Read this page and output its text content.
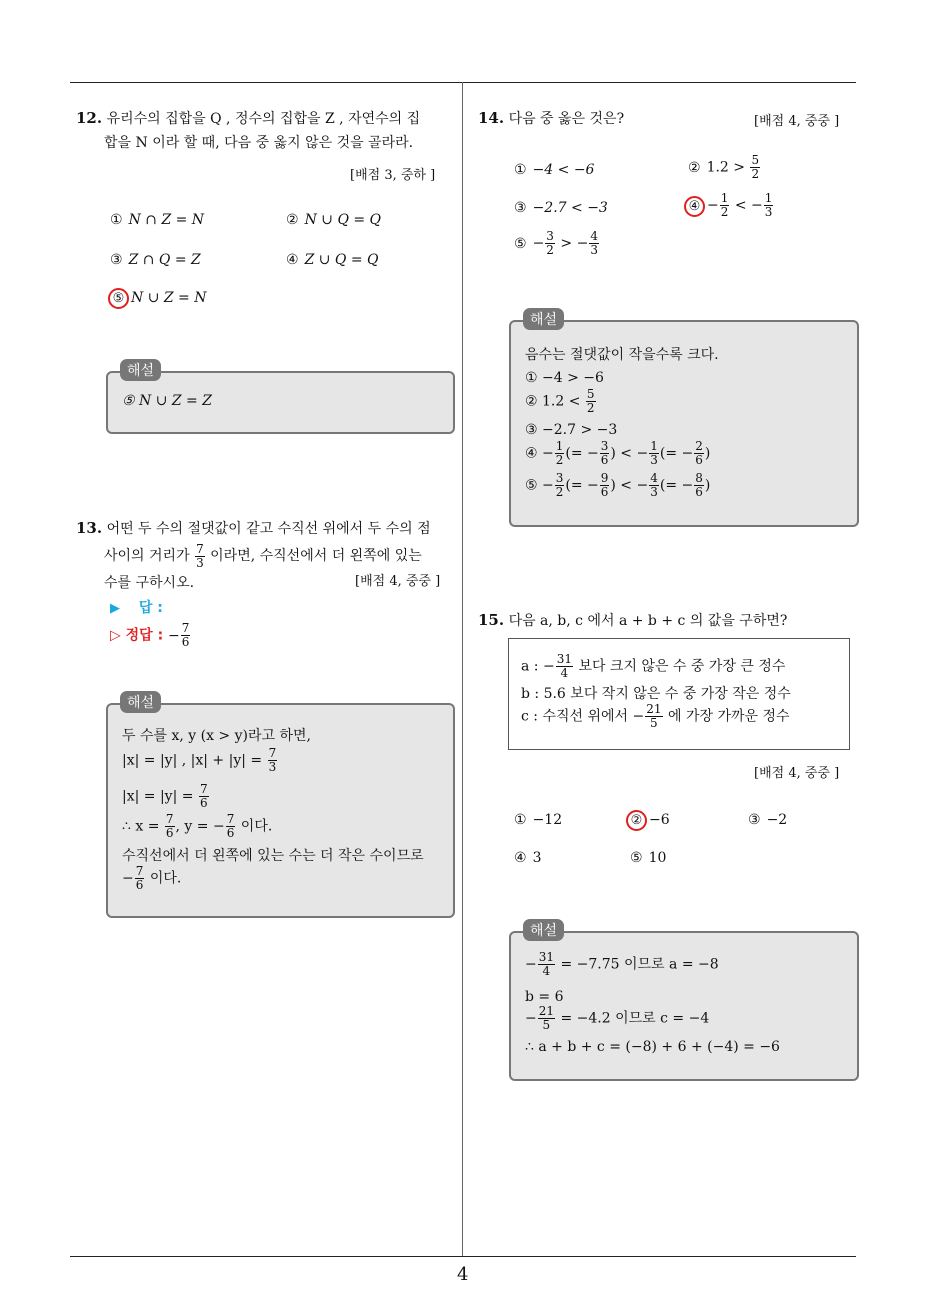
4
12. 유리수의 집합을 Q , 정수의 집합을 Z , 자연수의 집
합을 N 이라 할 때, 다음 중 옳지 않은 것을 골라라.
[배점 3, 중하 ]
① N ∩ Z = N	② N ∪ Q = Q
③ Z ∩ Q = Z	④ Z ∪ Q = Q
⑤ N ∪ Z = N
해설
⑤ N ∪ Z = Z
13. 어떤 두 수의 절댓값이 같고 수직선 위에서 두 수의 점
사이의 거리가 $\frac{7}{3}$ 이라면, 수직선에서 더 왼쪽에 있는
수를 구하시오.	[배점 4, 중중 ]
▶ 답 :
▷ 정답 : − $\frac{7}{6}$
해설
두 수를 x, y (x > y)라고 하면,
|x| = |y| , $|x| + |y| = \frac{7}{3}$
$|x| = |y| = \frac{7}{6}$
∴ $x = \frac{7}{6}$ , y = − $\frac{7}{6}$ 이다.
수직선에서 더 왼쪽에 있는 수는 더 작은 수이므로
− $\frac{7}{6}$ 이다.
14. 다음 중 옳은 것은?	[배점 4, 중중 ]
① −4 < −6	② $1.2 > \frac{5}{2}$
③ −2.7 < −3	④ − $\frac{1}{2}$ < − $\frac{1}{3}$
⑤ − $\frac{3}{2}$ > − $\frac{4}{3}$
해설
음수는 절댓값이 작을수록 크다.
① −4 > −6
② $1.2 < \frac{5}{2}$
③ −2.7 > −3
④ − $\frac{1}{2}$ (= − $\frac{3}{6}$ ) < − $\frac{1}{3}$ (= − $\frac{2}{6}$ )
⑤ − $\frac{3}{2}$ (= − $\frac{9}{6}$ ) < − $\frac{4}{3}$ (= − $\frac{8}{6}$ )
15. 다음 a, b, c 에서 a + b + c 의 값을 구하면?
a : − $\frac{31}{4}$ 보다 크지 않은 수 중 가장 큰 정수
b : 5.6 보다 작지 않은 수 중 가장 작은 정수
c : 수직선 위에서 − $\frac{21}{5}$ 에 가장 가까운 정수
[배점 4, 중중 ]
① −12	② −6	③ −2
④ 3	⑤ 10
해설
− $\frac{31}{4} = -7.75$ 이므로 a = −8
b = 6
− $\frac{21}{5} = -4.2$ 이므로 c = −4
∴ a + b + c = (−8) + 6 + (−4) = −6
